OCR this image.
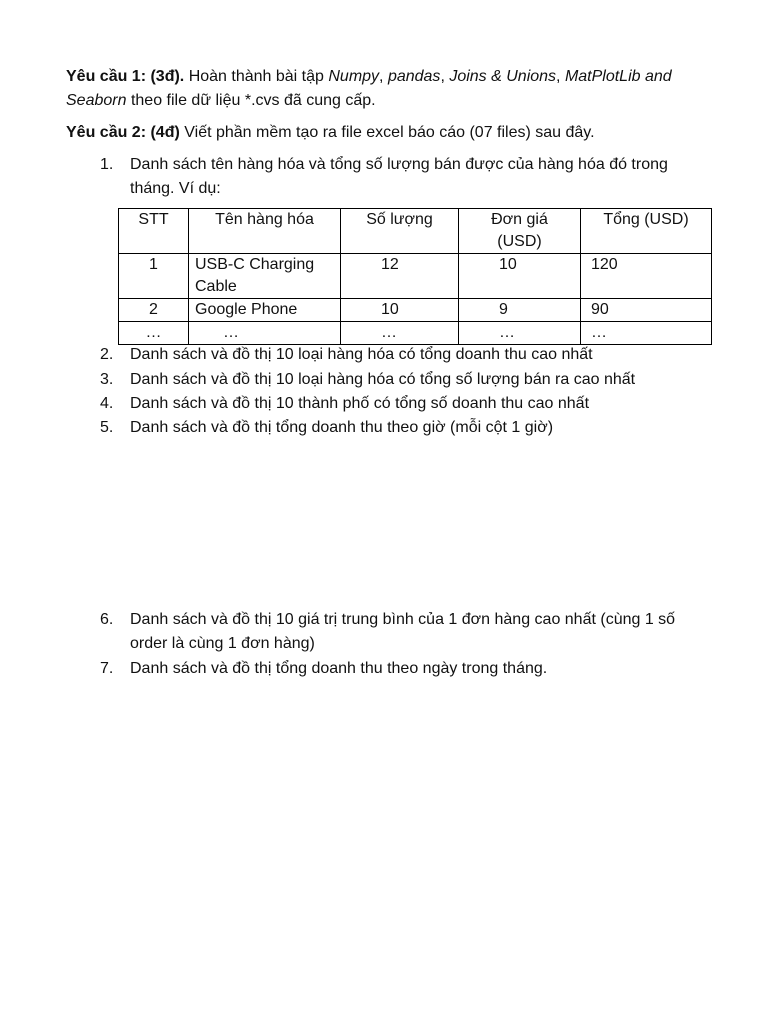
Yêu cầu 1: (3đ). Hoàn thành bài tập Numpy, pandas, Joins & Unions, MatPlotLib and Seaborn theo file dữ liệu *.cvs đã cung cấp.

Yêu cầu 2: (4đ) Viết phần mềm tạo ra file excel báo cáo (07 files) sau đây.

1.	Danh sách tên hàng hóa và tổng số lượng bán được của hàng hóa đó trong tháng. Ví dụ:
STT	Tên hàng hóa	Số lượng	Đơn giá (USD)	Tổng (USD)
1	USB-C Charging Cable	12	10	120
2	Google Phone	10	9	90
…	…	…	…	…
2.	Danh sách và đồ thị 10 loại hàng hóa có tổng doanh thu cao nhất
3.	Danh sách và đồ thị 10 loại hàng hóa có tổng số lượng bán ra cao nhất
4.	Danh sách và đồ thị 10 thành phố có tổng số doanh thu cao nhất
5.	Danh sách và đồ thị tổng doanh thu theo giờ (mỗi cột 1 giờ)
6.	Danh sách và đồ thị 10 giá trị trung bình của 1 đơn hàng cao nhất (cùng 1 số order là cùng 1 đơn hàng)
7.	Danh sách và đồ thị tổng doanh thu theo ngày trong tháng.
